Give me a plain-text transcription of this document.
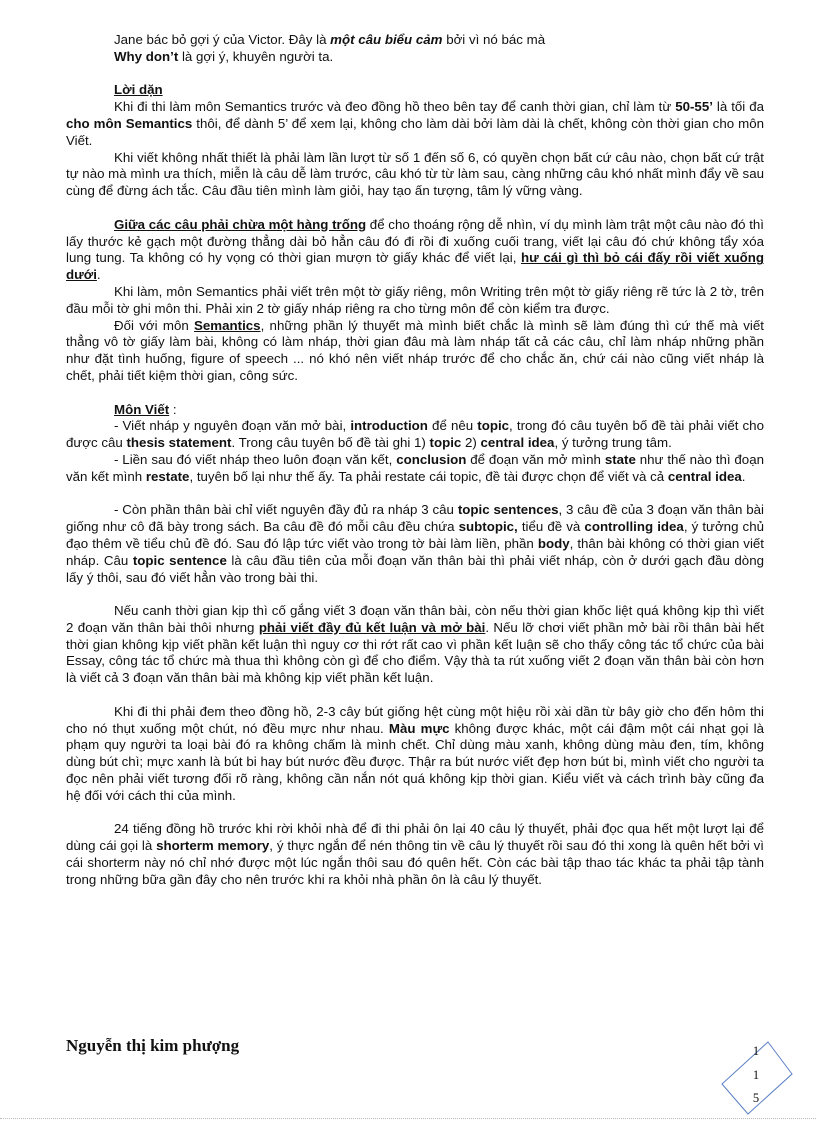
Jane bác bỏ gợi ý của Victor. Đây là một câu biểu cảm bởi vì nó bác mà

Why don’t là gợi ý, khuyên người ta.

Lời dặn

Khi đi thi làm môn Semantics trước và đeo đồng hồ theo bên tay để canh thời gian, chỉ làm từ 50-55’ là tối đa cho môn Semantics thôi, để dành 5’ để xem lại, không cho làm dài bởi làm dài là chết, không còn thời gian cho môn Viết.

Khi viết không nhất thiết là phải làm lần lượt từ số 1 đến số 6, có quyền chọn bất cứ câu nào, chọn bất cứ trật tự nào mà mình ưa thích, miễn là câu dễ làm trước, câu khó từ từ làm sau, càng những câu khó nhất mình đẩy về sau cùng để đừng ách tắc. Câu đầu tiên mình làm giỏi, hay tạo ấn tượng, tâm lý vững vàng.

Giữa các câu phải chừa một hàng trống để cho thoáng rộng dễ nhìn, ví dụ mình làm trật một câu nào đó thì lấy thước kẻ gạch một đường thẳng dài bỏ hẳn câu đó đi rồi đi xuống cuối trang, viết lại câu đó chứ không tẩy xóa lung tung. Ta không có hy vọng có thời gian mượn tờ giấy khác để viết lại, hư cái gì thì bỏ cái đấy rồi viết xuống dưới.

Khi làm, môn Semantics phải viết trên một tờ giấy riêng, môn Writing trên một tờ giấy riêng rẽ tức là 2 tờ, trên đầu mỗi tờ ghi môn thi. Phải xin 2 tờ giấy nháp riêng ra cho từng môn để còn kiểm tra được.

Đối với môn Semantics, những phần lý thuyết mà mình biết chắc là mình sẽ làm đúng thì cứ thế mà viết thẳng vô tờ giấy làm bài, không có làm nháp, thời gian đâu mà làm nháp tất cả các câu, chỉ làm nháp những phần như đặt tình huống, figure of speech ... nó khó nên viết nháp trước để cho chắc ăn, chứ cái nào cũng viết nháp là chết, phải tiết kiệm thời gian, công sức.

Môn Viết :

- Viết nháp y nguyên đoạn văn mở bài, introduction để nêu topic, trong đó câu tuyên bố đề tài phải viết cho được câu thesis statement. Trong câu tuyên bố đề tài ghi 1) topic 2) central idea, ý tưởng trung tâm.

- Liền sau đó viết nháp theo luôn đoạn văn kết, conclusion để đoạn văn mở mình state như thế nào thì đoạn văn kết mình restate, tuyên bố lại như thế ấy. Ta phải restate cái topic, đề tài được chọn để viết và cả central idea.

- Còn phần thân bài chỉ viết nguyên đầy đủ ra nháp 3 câu topic sentences, 3 câu đề của 3 đoạn văn thân bài giống như cô đã bày trong sách. Ba câu đề đó mỗi câu đều chứa subtopic, tiểu đề và controlling idea, ý tưởng chủ đạo thêm về tiểu chủ đề đó. Sau đó lập tức viết vào trong tờ bài làm liền, phần body, thân bài không có thời gian viết nháp. Câu topic sentence là câu đầu tiên của mỗi đoạn văn thân bài thì phải viết nháp, còn ở dưới gạch đầu dòng lấy ý thôi, sau đó viết hẳn vào trong bài thi.

Nếu canh thời gian kịp thì cố gắng viết 3 đoạn văn thân bài, còn nếu thời gian khốc liệt quá không kịp thì viết 2 đoạn văn thân bài thôi nhưng phải viết đầy đủ kết luận và mở bài. Nếu lỡ chơi viết phần mở bài rồi thân bài hết thời gian không kịp viết phần kết luận thì nguy cơ thi rớt rất cao vì phần kết luận sẽ cho thấy công tác tổ chức của bài Essay, công tác tổ chức mà thua thì không còn gì để cho điểm. Vậy thà ta rút xuống viết 2 đoạn văn thân bài còn hơn là viết cả 3 đoạn văn thân bài mà không kịp viết phần kết luận.

Khi đi thi phải đem theo đồng hồ, 2-3 cây bút giống hệt cùng một hiệu rồi xài dần từ bây giờ cho đến hôm thi cho nó thụt xuống một chút, nó đều mực như nhau. Màu mực không được khác, một cái đậm một cái nhạt gọi là phạm quy người ta loại bài đó ra không chấm là mình chết. Chỉ dùng màu xanh, không dùng màu đen, tím, không dùng bút chì; mực xanh là bút bi hay bút nước đều được. Thậr ra bút nước viết đẹp hơn bút bi, mình viết cho người ta đọc nên phải viết tương đối rõ ràng, không cần nắn nót quá không kịp thời gian. Kiểu viết và cách trình bày cũng đa hệ đối với cách thi của mình.

24 tiếng đồng hồ trước khi rời khỏi nhà để đi thi phải ôn lại 40 câu lý thuyết, phải đọc qua hết một lượt lại để dùng cái gọi là shorterm memory, ý thực ngắn để nén thông tin về câu lý thuyết rồi sau đó thi xong là quên hết bởi vì cái shorterm này nó chỉ nhớ được một lúc ngắn thôi sau đó quên hết. Còn các bài tập thao tác khác ta phải tập tành trong những bữa gần đây cho nên trước khi ra khỏi nhà phần ôn là câu lý thuyết.

Nguyễn thị kim phượng	1
1
5
